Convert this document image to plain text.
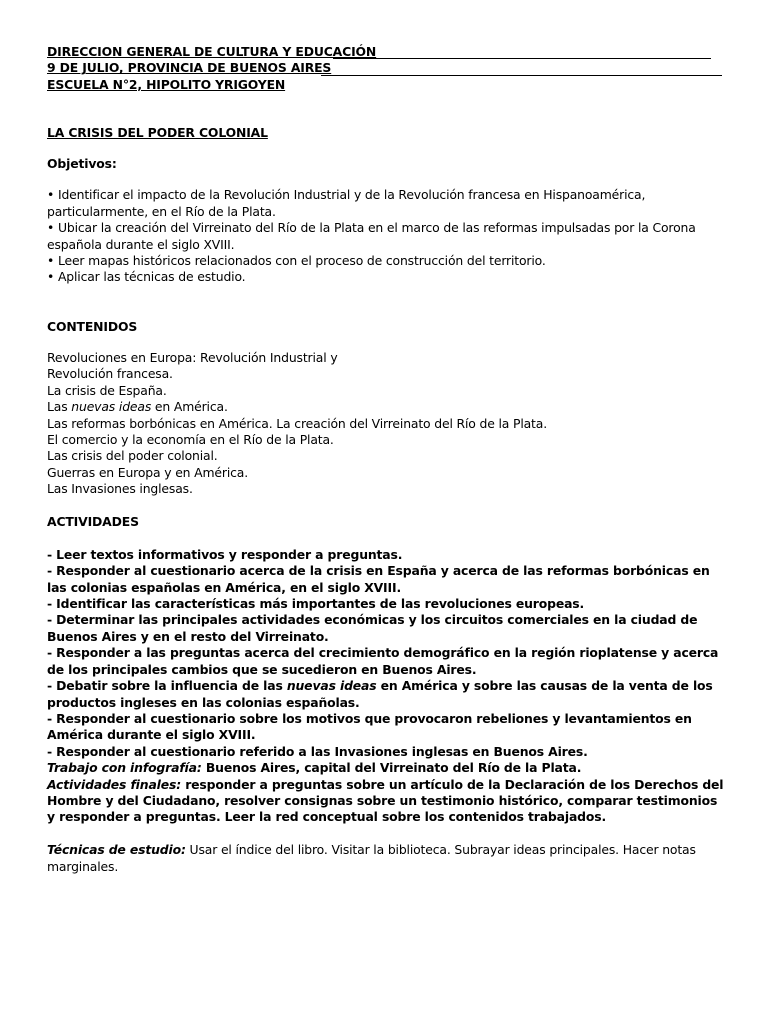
DIRECCION GENERAL DE CULTURA Y EDUCACIÓN
9 DE JULIO, PROVINCIA DE BUENOS AIRES
ESCUELA N°2, HIPOLITO YRIGOYEN

LA CRISIS DEL PODER COLONIAL

Objetivos:

• Identificar el impacto de la Revolución Industrial y de la Revolución francesa en Hispanoamérica, particularmente, en el Río de la Plata.

• Ubicar la creación del Virreinato del Río de la Plata en el marco de las reformas impulsadas por la Corona española durante el siglo XVIII.

• Leer mapas históricos relacionados con el proceso de construcción del territorio.

• Aplicar las técnicas de estudio.

CONTENIDOS

Revoluciones en Europa: Revolución Industrial y

Revolución francesa.

La crisis de España.

Las nuevas ideas en América.

Las reformas borbónicas en América. La creación del Virreinato del Río de la Plata.

El comercio y la economía en el Río de la Plata.

Las crisis del poder colonial.

Guerras en Europa y en América.

Las Invasiones inglesas.

ACTIVIDADES

- Leer textos informativos y responder a preguntas.

- Responder al cuestionario acerca de la crisis en España y acerca de las reformas borbónicas en las colonias españolas en América, en el siglo XVIII.

- Identificar las características más importantes de las revoluciones europeas.

- Determinar las principales actividades económicas y los circuitos comerciales en la ciudad de Buenos Aires y en el resto del Virreinato.

- Responder a las preguntas acerca del crecimiento demográfico en la región rioplatense y acerca de los principales cambios que se sucedieron en Buenos Aires.

- Debatir sobre la influencia de las nuevas ideas en América y sobre las causas de la venta de los productos ingleses en las colonias españolas.

- Responder al cuestionario sobre los motivos que provocaron rebeliones y levantamientos en América durante el siglo XVIII.

- Responder al cuestionario referido a las Invasiones inglesas en Buenos Aires.

Trabajo con infografía: Buenos Aires, capital del Virreinato del Río de la Plata.

Actividades finales: responder a preguntas sobre un artículo de la Declaración de los Derechos del Hombre y del Ciudadano, resolver consignas sobre un testimonio histórico, comparar testimonios y responder a preguntas. Leer la red conceptual sobre los contenidos trabajados.

Técnicas de estudio: Usar el índice del libro. Visitar la biblioteca. Subrayar ideas principales. Hacer notas marginales.
